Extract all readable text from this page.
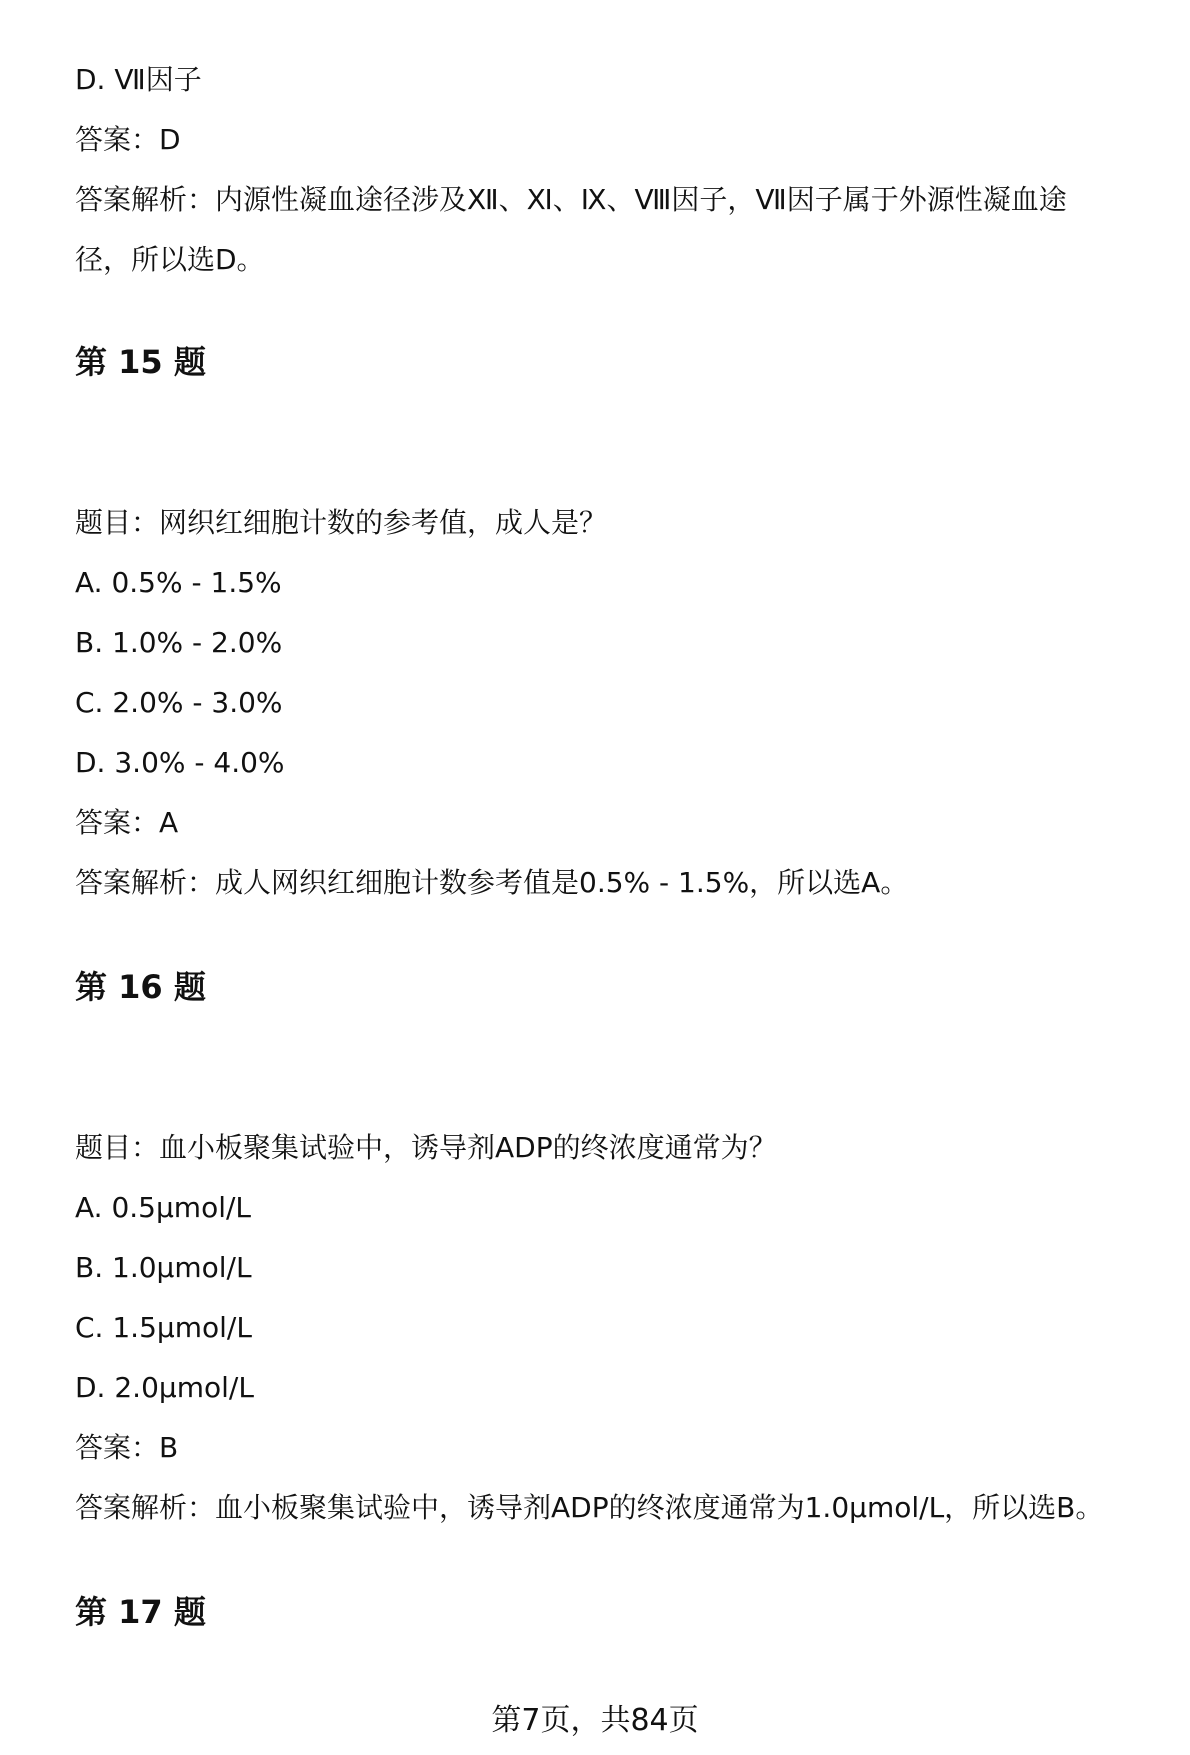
D. Ⅶ因子
答案：D
答案解析：内源性凝血途径涉及Ⅻ、Ⅺ、Ⅸ、Ⅷ因子，Ⅶ因子属于外源性凝血途
径，所以选D。
第 15 题
题目：网织红细胞计数的参考值，成人是？
A. 0.5% - 1.5%
B. 1.0% - 2.0%
C. 2.0% - 3.0%
D. 3.0% - 4.0%
答案：A
答案解析：成人网织红细胞计数参考值是0.5% - 1.5%，所以选A。
第 16 题
题目：血小板聚集试验中，诱导剂ADP的终浓度通常为？
A. 0.5μmol/L
B. 1.0μmol/L
C. 1.5μmol/L
D. 2.0μmol/L
答案：B
答案解析：血小板聚集试验中，诱导剂ADP的终浓度通常为1.0μmol/L，所以选B。
第 17 题
第7页，共84页
